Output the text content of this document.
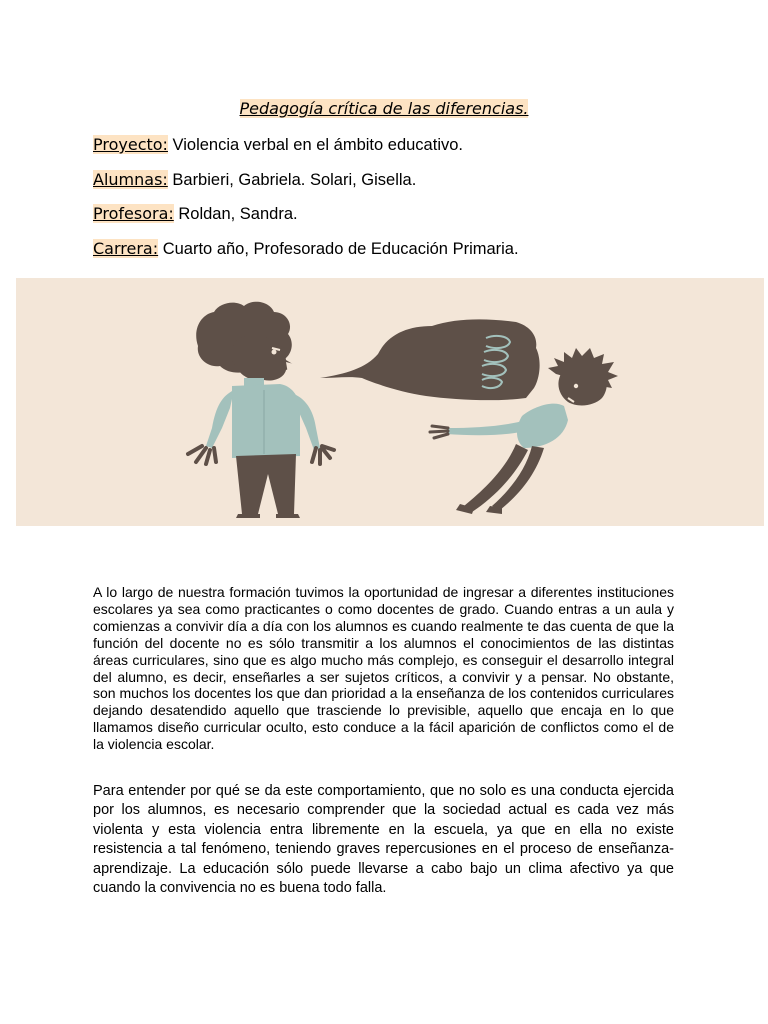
Pedagogía crítica de las diferencias.
Proyecto: Violencia verbal en el ámbito educativo.
Alumnas: Barbieri, Gabriela. Solari, Gisella.
Profesora: Roldan, Sandra.
Carrera: Cuarto año, Profesorado de Educación Primaria.

A lo largo de nuestra formación tuvimos la oportunidad de ingresar a diferentes instituciones escolares ya sea como practicantes o como docentes de grado. Cuando entras a un aula y comienzas a convivir día a día con los alumnos es cuando realmente te das cuenta de que la función del docente no es sólo transmitir a los alumnos el conocimientos de las distintas áreas curriculares, sino que es algo mucho más complejo, es conseguir el desarrollo integral del alumno, es decir, enseñarles a ser sujetos críticos, a convivir y a pensar. No obstante, son muchos los docentes los que dan prioridad a la enseñanza de los contenidos curriculares dejando desatendido aquello que trasciende lo previsible, aquello que encaja en lo que llamamos diseño curricular oculto, esto conduce a la fácil aparición de conflictos como el de la violencia escolar.

Para entender por qué se da este comportamiento, que no solo es una conducta ejercida por los alumnos, es necesario comprender que la sociedad actual es cada vez más violenta y esta violencia entra libremente en la escuela, ya que en ella no existe resistencia a tal fenómeno, teniendo graves repercusiones en el proceso de enseñanza- aprendizaje. La educación sólo puede llevarse a cabo bajo un clima afectivo ya que cuando la convivencia no es buena todo falla.
